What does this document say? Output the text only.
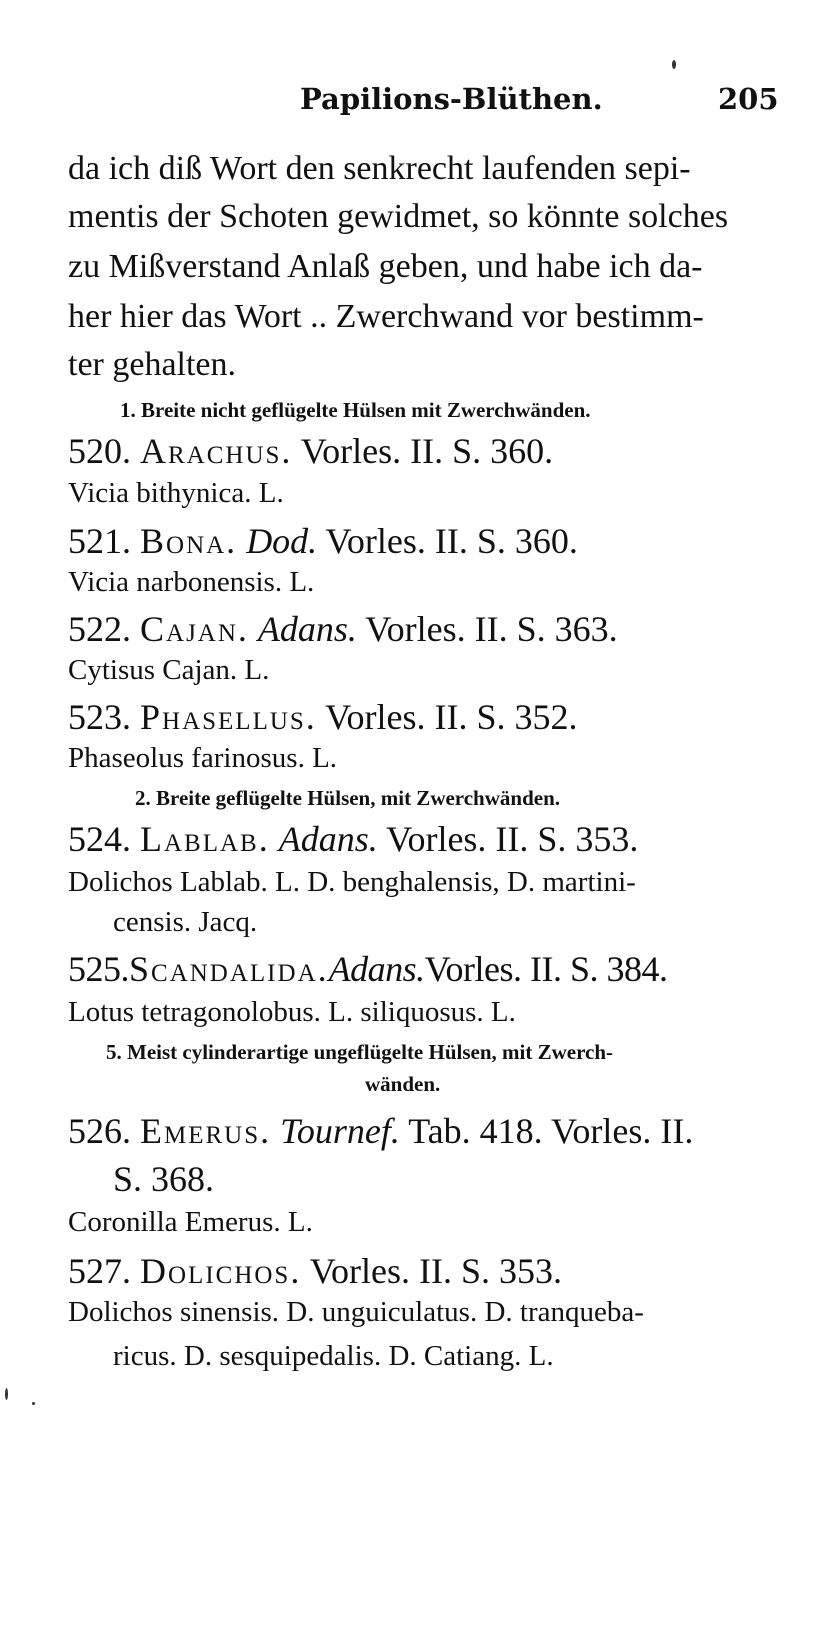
Papilions-Blüthen.	205
da ich diß Wort den senkrecht laufenden sepi-
mentis der Schoten gewidmet, so könnte solches
zu Mißverstand Anlaß geben, und habe ich da-
her hier das Wort .. Zwerchwand vor bestimm-
ter gehalten.
1. Breite nicht geflügelte Hülsen mit Zwerchwänden.
520. Arachus. Vorles. II. S. 360.
Vicia bithynica. L.
521. Bona. Dod. Vorles. II. S. 360.
Vicia narbonensis. L.
522. Cajan. Adans. Vorles. II. S. 363.
Cytisus Cajan. L.
523. Phasellus. Vorles. II. S. 352.
Phaseolus farinosus. L.
2. Breite geflügelte Hülsen, mit Zwerchwänden.
524. Lablab. Adans. Vorles. II. S. 353.
Dolichos Lablab. L. D. benghalensis, D. martini-
censis. Jacq.
525.Scandalida.Adans.Vorles. II. S. 384.
Lotus tetragonolobus. L. siliquosus. L.
5. Meist cylinderartige ungeflügelte Hülsen, mit Zwerch-
wänden.
526. Emerus. Tournef. Tab. 418. Vorles. II.
S. 368.
Coronilla Emerus. L.
527. Dolichos. Vorles. II. S. 353.
Dolichos sinensis. D. unguiculatus. D. tranqueba-
ricus. D. sesquipedalis. D. Catiang. L.
